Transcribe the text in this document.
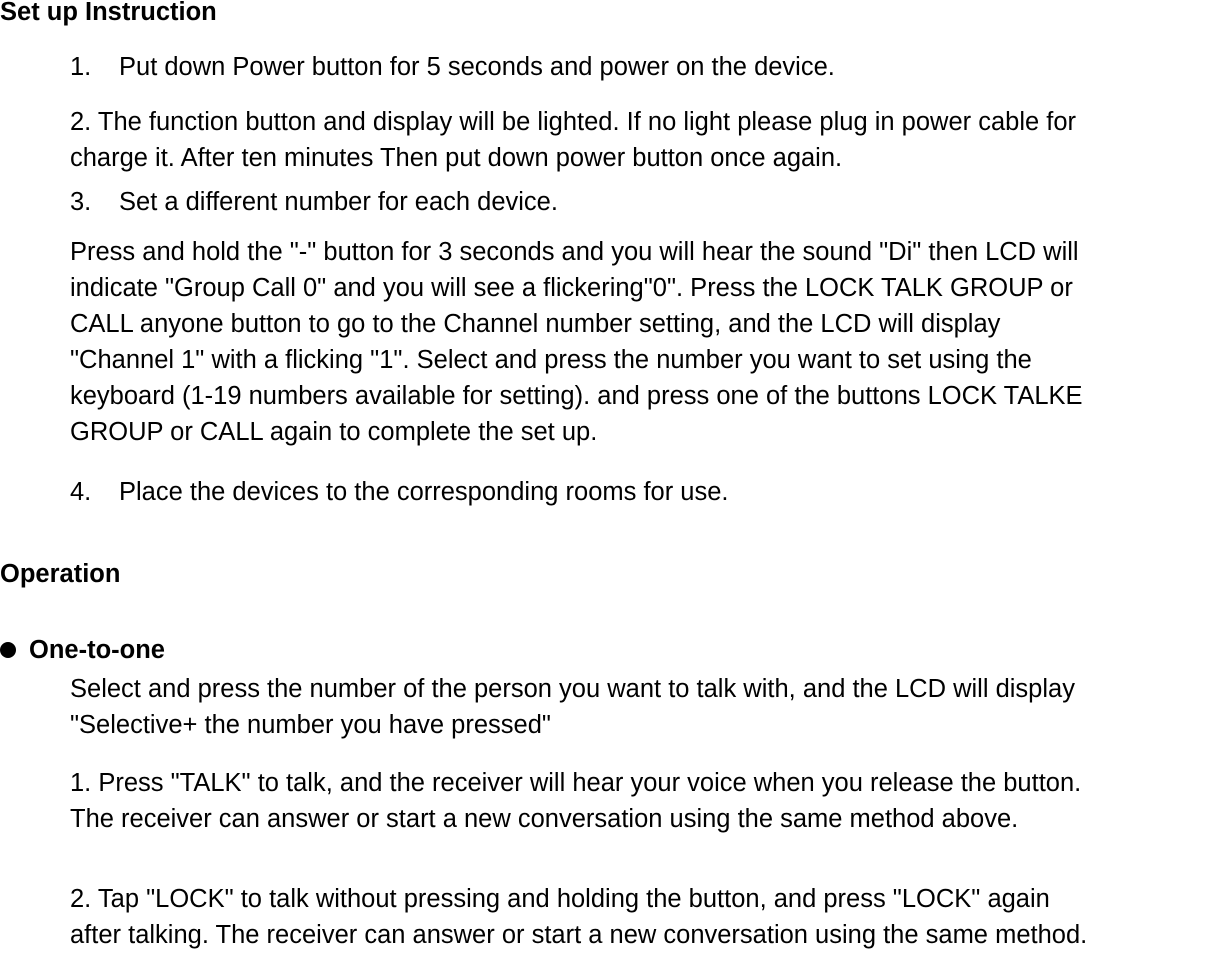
Set up Instruction
1. Put down Power button for 5 seconds and power on the device.
2. The function button and display will be lighted. If no light please plug in power cable for
charge it. After ten minutes Then put down power button once again.
3. Set a different number for each device.
Press and hold the "-" button for 3 seconds and you will hear the sound "Di" then LCD will
indicate "Group Call 0" and you will see a flickering"0". Press the LOCK TALK GROUP or
CALL anyone button to go to the Channel number setting, and the LCD will display
"Channel 1" with a flicking "1". Select and press the number you want to set using the
keyboard (1-19 numbers available for setting). and press one of the buttons LOCK TALKE
GROUP or CALL again to complete the set up.
4. Place the devices to the corresponding rooms for use.
Operation
One-to-one
Select and press the number of the person you want to talk with, and the LCD will display
"Selective+ the number you have pressed"
1. Press "TALK" to talk, and the receiver will hear your voice when you release the button.
The receiver can answer or start a new conversation using the same method above.
2. Tap "LOCK" to talk without pressing and holding the button, and press "LOCK" again
after talking. The receiver can answer or start a new conversation using the same method.
